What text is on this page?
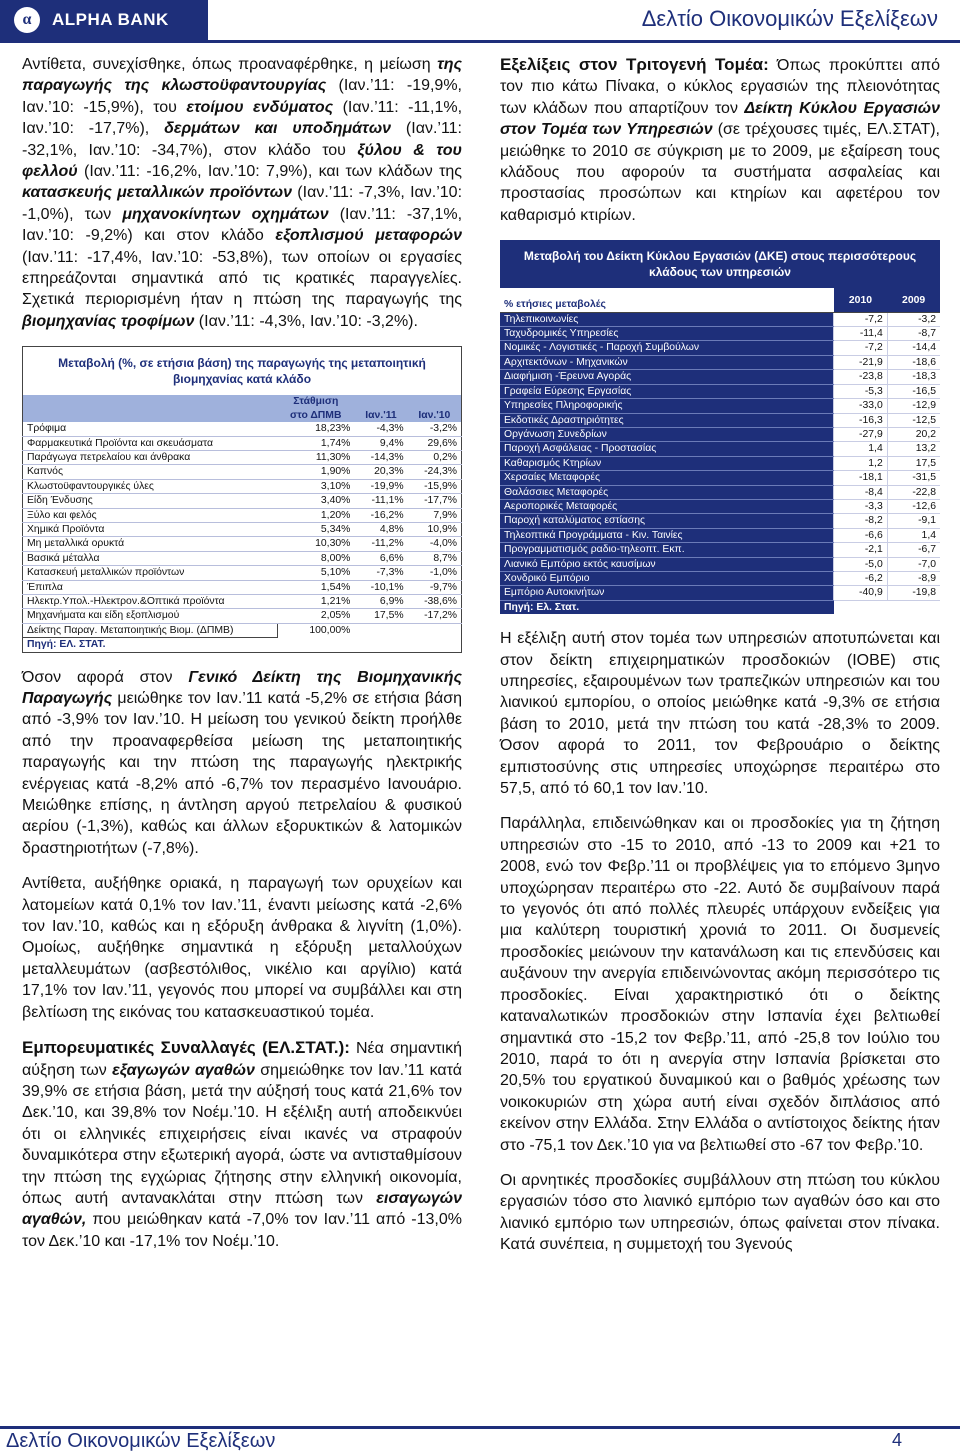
α ALPHA BANK	Δελτίο Οικονομικών Εξελίξεων

Αντίθετα, συνεχίσθηκε, όπως προαναφέρθηκε, η μείωση της παραγωγής της κλωστοϋφαντουργίας (Ιαν.’11: -19,9%, Ιαν.’10: -15,9%), του ετοίμου ενδύματος (Ιαν.’11: -11,1%, Ιαν.’10: -17,7%), δερμάτων και υποδημάτων (Ιαν.’11: -32,1%, Ιαν.’10: -34,7%), στον κλάδο του ξύλου & του φελλού (Ιαν.’11: -16,2%, Ιαν.’10: 7,9%), και των κλάδων της κατασκευής μεταλλικών προϊόντων (Ιαν.’11: -7,3%, Ιαν.’10: -1,0%), των μηχανοκίνητων οχημάτων (Ιαν.’11: -37,1%, Ιαν.’10: -9,2%) και στον κλάδο εξοπλισμού μεταφορών (Ιαν.’11: -17,4%, Ιαν.’10: -53,8%), των οποίων οι εργασίες επηρεάζονται σημαντικά από τις κρατικές παραγγελίες. Σχετικά περιορισμένη ήταν η πτώση της παραγωγής της βιομηχανίας τροφίμων (Ιαν.’11: -4,3%, Ιαν.’10: -3,2%).

Μεταβολή (%, σε ετήσια βάση) της παραγωγής της μεταποιητική βιομηχανίας κατά κλάδο			
	Στάθμιση		
	στο ΔΠΜΒ	Ιαν.'11	Ιαν.'10
Τρόφιμα	18,23%	-4,3%	-3,2%
Φαρμακευτικά Προϊόντα και σκευάσματα	1,74%	9,4%	29,6%
Παράγωγα πετρελαίου και άνθρακα	11,30%	-14,3%	0,2%
Καπνός	1,90%	20,3%	-24,3%
Κλωστοϋφαντουργικές ύλες	3,10%	-19,9%	-15,9%
Είδη Ένδυσης	3,40%	-11,1%	-17,7%
Ξύλο και φελός	1,20%	-16,2%	7,9%
Χημικά Προϊόντα	5,34%	4,8%	10,9%
Μη μεταλλικά ορυκτά	10,30%	-11,2%	-4,0%
Βασικά μέταλλα	8,00%	6,6%	8,7%
Κατασκευή μεταλλικών προϊόντων	5,10%	-7,3%	-1,0%
Έπιπλα	1,54%	-10,1%	-9,7%
Ηλεκτρ.Υπολ.-Ηλεκτρον.&Οπτικά προϊόντα	1,21%	6,9%	-38,6%
Μηχανήματα και είδη εξοπλισμού	2,05%	17,5%	-17,2%
Δείκτης Παραγ. Μεταποιητικής Βιομ. (ΔΠΜΒ)	100,00%		
Πηγή: ΕΛ. ΣΤΑΤ.			

Όσον αφορά στον Γενικό Δείκτη της Βιομηχανικής Παραγωγής μειώθηκε τον Ιαν.’11 κατά -5,2% σε ετήσια βάση από -3,9% τον Ιαν.’10. Η μείωση του γενικού δείκτη προήλθε από την προαναφερθείσα μείωση της μεταποιητικής παραγωγής και την πτώση της παραγωγής ηλεκτρικής ενέργειας κατά -8,2% από -6,7% τον περασμένο Ιανουάριο. Μειώθηκε επίσης, η άντληση αργού πετρελαίου & φυσικού αερίου (-1,3%), καθώς και άλλων εξορυκτικών & λατομικών δραστηριοτήτων (-7,8%).

Αντίθετα, αυξήθηκε οριακά, η παραγωγή των ορυχείων και λατομείων κατά 0,1% τον Ιαν.’11, έναντι μείωσης κατά -2,6% τον Ιαν.’10, καθώς και η εξόρυξη άνθρακα & λιγνίτη (1,0%). Ομοίως, αυξήθηκε σημαντικά η εξόρυξη μεταλλούχων μεταλλευμάτων (ασβεστόλιθος, νικέλιο και αργίλιο) κατά 17,1% τον Ιαν.’11, γεγονός που μπορεί να συμβάλλει και στη βελτίωση της εικόνας του κατασκευαστικού τομέα.

Εμπορευματικές Συναλλαγές (ΕΛ.ΣΤΑΤ.): Νέα σημαντική αύξηση των εξαγωγών αγαθών σημειώθηκε τον Ιαν.’11 κατά 39,9% σε ετήσια βάση, μετά την αύξησή τους κατά 21,6% τον Δεκ.’10, και 39,8% τον Νοέμ.’10. Η εξέλιξη αυτή αποδεικνύει ότι οι ελληνικές επιχειρήσεις είναι ικανές να στραφούν δυναμικότερα στην εξωτερική αγορά, ώστε να αντισταθμίσουν την πτώση της εγχώριας ζήτησης στην ελληνική οικονομία, όπως αυτή αντανακλάται στην πτώση των εισαγωγών αγαθών, που μειώθηκαν κατά -7,0% τον Ιαν.’11 από -13,0% τον Δεκ.’10 και -17,1% τον Νοέμ.’10.

Εξελίξεις στον Τριτογενή Τομέα: Όπως προκύπτει από τον πιο κάτω Πίνακα, ο κύκλος εργασιών της πλειονότητας των κλάδων που απαρτίζουν τον Δείκτη Κύκλου Εργασιών στον Τομέα των Υπηρεσιών (σε τρέχουσες τιμές, ΕΛ.ΣΤΑΤ), μειώθηκε το 2010 σε σύγκριση με το 2009, με εξαίρεση τους κλάδους που αφορούν τα συστήματα ασφαλείας και προστασίας προσώπων και κτηρίων και αφετέρου τον καθαρισμό κτιρίων.

Μεταβολή του Δείκτη Κύκλου Εργασιών (ΔΚΕ) στους περισσότερους κλάδους των υπηρεσιών		
% ετήσιες μεταβολές	2010	2009
Τηλεπικοινωνίες	-7,2	-3,2
Ταχυδρομικές Υπηρεσίες	-11,4	-8,7
Νομικές - Λογιστικές - Παροχή Συμβούλων	-7,2	-14,4
Αρχιτεκτόνων - Μηχανικών	-21,9	-18,6
Διαφήμιση -Έρευνα Αγοράς	-23,8	-18,3
Γραφεία Εύρεσης Εργασίας	-5,3	-16,5
Υπηρεσίες Πληροφορικής	-33,0	-12,9
Εκδοτικές Δραστηριότητες	-16,3	-12,5
Οργάνωση Συνεδρίων	-27,9	20,2
Παροχή Ασφάλειας - Προστασίας	1,4	13,2
Καθαρισμός Κτηρίων	1,2	17,5
Χερσαίες Μεταφορές	-18,1	-31,5
Θαλάσσιες Μεταφορές	-8,4	-22,8
Αεροπορικές Μεταφορές	-3,3	-12,6
Παροχή καταλύματος εστίασης	-8,2	-9,1
Τηλεοπτικά Προγράμματα - Κιν. Ταινίες	-6,6	1,4
Προγραμματισμός ραδιο-τηλεοπτ. Εκπ.	-2,1	-6,7
Λιανικό Εμπόριο εκτός καυσίμων	-5,0	-7,0
Χονδρικό Εμπόριο	-6,2	-8,9
Εμπόριο Αυτοκινήτων	-40,9	-19,8
Πηγή: Ελ. Στατ.		

Η εξέλιξη αυτή στον τομέα των υπηρεσιών αποτυπώνεται και στον δείκτη επιχειρηματικών προσδοκιών (ΙΟΒΕ) στις υπηρεσίες, εξαιρουμένων των τραπεζικών υπηρεσιών και του λιανικού εμπορίου, ο οποίος μειώθηκε κατά -9,3% σε ετήσια βάση το 2010, μετά την πτώση του κατά -28,3% το 2009. Όσον αφορά το 2011, τον Φεβρουάριο ο δείκτης εμπιστοσύνης στις υπηρεσίες υποχώρησε περαιτέρω στο 57,5, από τό 60,1 τον Ιαν.’10.

Παράλληλα, επιδεινώθηκαν και οι προσδοκίες για τη ζήτηση υπηρεσιών στο -15 το 2010, από -13 το 2009 και +21 το 2008, ενώ τον Φεβρ.’11 οι προβλέψεις για το επόμενο 3μηνο υποχώρησαν περαιτέρω στο -22. Αυτό δε συμβαίνουν παρά το γεγονός ότι από πολλές πλευρές υπάρχουν ενδείξεις για μια καλύτερη τουριστική χρονιά το 2011. Οι δυσμενείς προσδοκίες μειώνουν την κατανάλωση και τις επενδύσεις και αυξάνουν την ανεργία επιδεινώνοντας ακόμη περισσότερο τις προσδοκίες. Είναι χαρακτηριστικό ότι ο δείκτης καταναλωτικών προσδοκιών στην Ισπανία έχει βελτιωθεί σημαντικά στο -15,2 τον Φεβρ.’11, από -25,8 τον Ιούλιο του 2010, παρά το ότι η ανεργία στην Ισπανία βρίσκεται στο 20,5% του εργατικού δυναμικού και ο βαθμός χρέωσης των νοικοκυριών στη χώρα αυτή είναι σχεδόν διπλάσιος από εκείνον στην Ελλάδα. Στην Ελλάδα ο αντίστοιχος δείκτης ήταν στο -75,1 τον Δεκ.’10 για να βελτιωθεί στο -67 τον Φεβρ.’10.

Οι αρνητικές προσδοκίες συμβάλλουν στη πτώση του κύκλου εργασιών τόσο στο λιανικό εμπόριο των αγαθών όσο και στο λιανικό εμπόριο των υπηρεσιών, όπως φαίνεται στον πίνακα. Κατά συνέπεια, η συμμετοχή του 3γενούς

Δελτίο Οικονομικών Εξελίξεων	4
